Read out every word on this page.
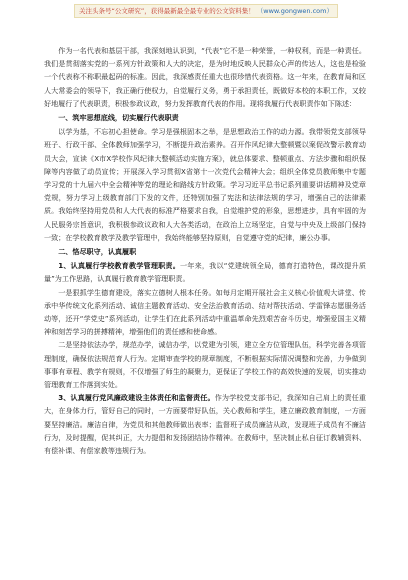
关注头条号“公文研究”，获得最新最全最专业的公文资料集！ （www.gongwen.com）

作为一名代表和基层干部，我深刻地认识到，“代表”它不是一种荣誉，一种权利，而是一种责任。我们是贯彻落实党的一系列方针政策和人大的决定，是为时地反映人民群众心声的传达人，这也是检验一个代表称不称职最起码的标准。因此，我深感责任重大也很珍惜代表资格。这一年来，在教育局和区人大常委会的领导下，我正确行使权力，自觉履行义务，勇于承担责任，既做好本校的本职工作，又较好地履行了代表职责，积极参政议政，努力发挥教育代表的作用。现将我履行代表职责作如下陈述：

一、筑牢思想底线，切实履行代表职责

以学为基，不忘初心担使命。学习是强根固本之举，是思想政治工作的动力源。我带领党支部领导班子、行政干部、全体教师加强学习，不断提升政治素养。召开作风纪律大整顿暨以案促改警示教育动员大会，宣读《X市X学校作风纪律大整顿活动实施方案》，就总体要求、整顿重点、方法步骤和组织保障等内容做了动员宣传；开展深入学习贯彻X省第十一次党代会精神大会；组织全体党员教师集中专题学习党的十九届六中全会精神等党的理论和路线方针政策。学习习近平总书记系列重要讲话精神及党章党规，努力学习上级教育部门下发的文件，还特别加强了宪法和法律法规的学习，增强自己的法律素质。我始终坚持用党员和人大代表的标准严格要求自我，自觉维护党的形象，思想进步，具有牢固的为人民服务宗旨意识，我积极参政议政和人大各类活动，在政治上立场坚定，自觉与中央及上级部门保持一致；在学校教育教学及教学管理中，我始终能够坚持原则，自觉遵守党的纪律，廉公办事。

二、恪尽职守，认真履职

1、认真履行学校教育教学管理职责。一年来，我以“党建统领全局，德育打造特色，课改提升质量”为工作思路，认真履行教育教学管理职责。

一是狠抓学生德育建设，落实立德树人根本任务。如每月定期开展社会主义核心价值观大讲堂、传承中华传统文化系列活动、诚信主题教育活动、安全法治教育活动、结对帮扶活动、学雷锋志愿服务活动等，还开“学党史”系列活动，让学生们在此系列活动中重温革命先烈艰苦奋斗历史，增强爱国主义精神和刻苦学习的拼搏精神，增强他们的责任感和使命感。

二是坚持依法办学，规范办学，诚信办学，以党建为引领，建立全方位管理队伍，科学完善各项管理制度，确保依法规范育人行为。定期审查学校的规章制度，不断根据实际情况调整和完善，力争做到事事有章程、教学有规则，不仅增强了师生的凝聚力，更保证了学校工作的高效快速的发展，切实推动管理教育工作落到实处。

3、认真履行党风廉政建设主体责任和监督责任。作为学校党支部书记，我深知自己肩上的责任重大，在身体力行，管好自己的同时，一方面要带好队伍，关心教师和学生，建立廉政教育制度，一方面要坚持廉洁。廉洁自律，为党员和其他教师做出表率；监督班子成员廉洁从政，发现班子成员有不廉洁行为，及时提醒，促其纠正，大力提倡和发扬团结协作精神。在教师中，坚决制止私自征订教辅资料、有偿补课、有偿家教等违规行为。
